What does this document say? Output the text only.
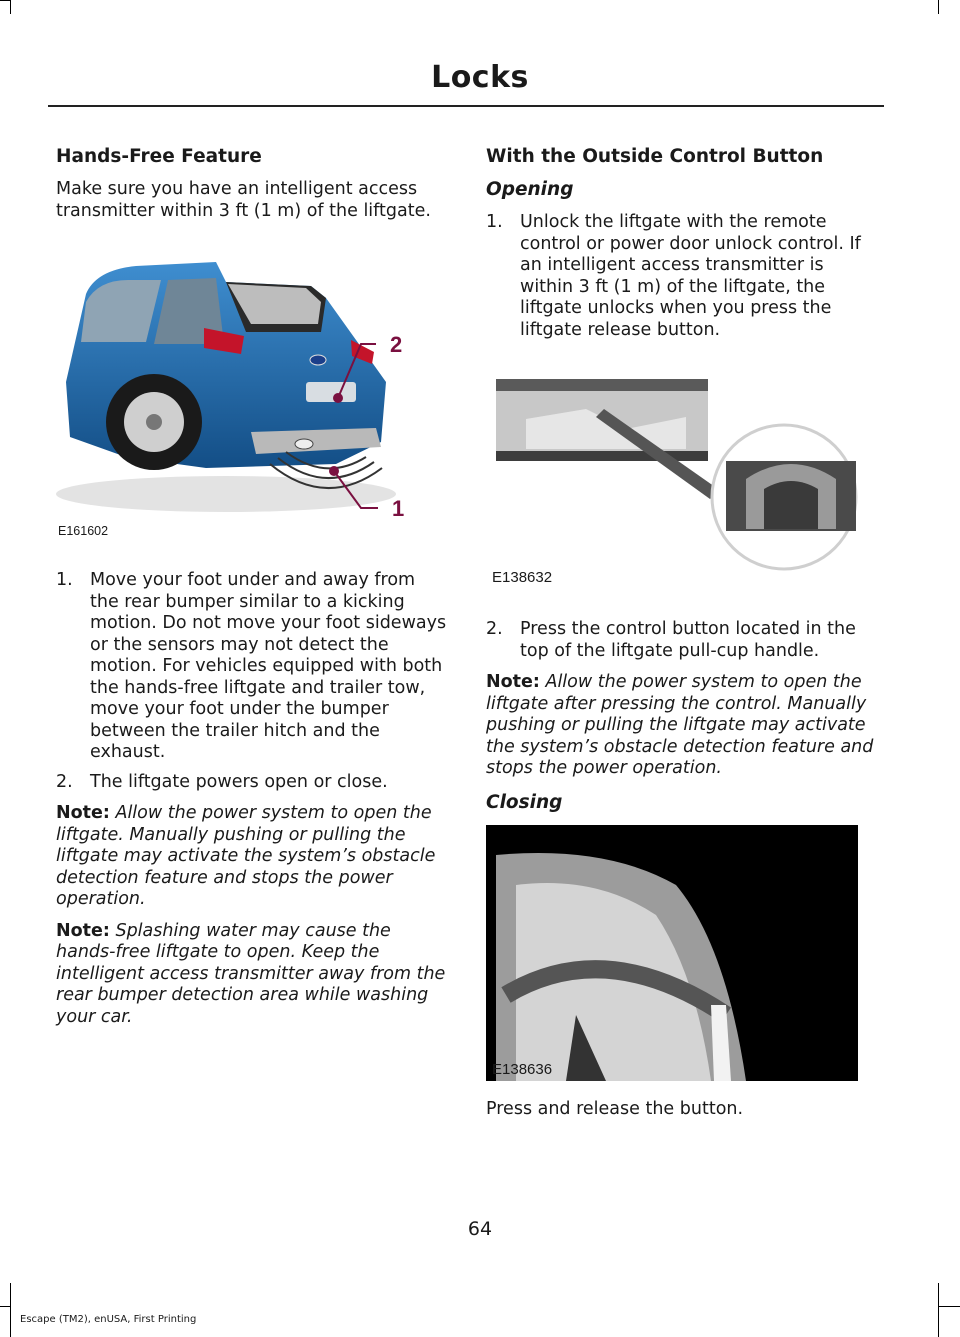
Locks
Hands-Free Feature

Make sure you have an intelligent access transmitter within 3 ft (1 m) of the liftgate.

2
1
E161602
1. Move your foot under and away from the rear bumper similar to a kicking motion. Do not move your foot sideways or the sensors may not detect the motion. For vehicles equipped with both the hands-free liftgate and trailer tow, move your foot under the bumper between the trailer hitch and the exhaust.
2. The liftgate powers open or close.

Note: Allow the power system to open the liftgate. Manually pushing or pulling the liftgate may activate the system’s obstacle detection feature and stops the power operation.

Note: Splashing water may cause the hands-free liftgate to open. Keep the intelligent access transmitter away from the rear bumper detection area while washing your car.

With the Outside Control Button
Opening
1. Unlock the liftgate with the remote control or power door unlock control. If an intelligent access transmitter is within 3 ft (1 m) of the liftgate, the liftgate unlocks when you press the liftgate release button.
E138632
2. Press the control button located in the top of the liftgate pull-cup handle.

Note: Allow the power system to open the liftgate after pressing the control. Manually pushing or pulling the liftgate may activate the system’s obstacle detection feature and stops the power operation.

Closing
E138636

Press and release the button.

64
Escape (TM2), enUSA, First Printing
